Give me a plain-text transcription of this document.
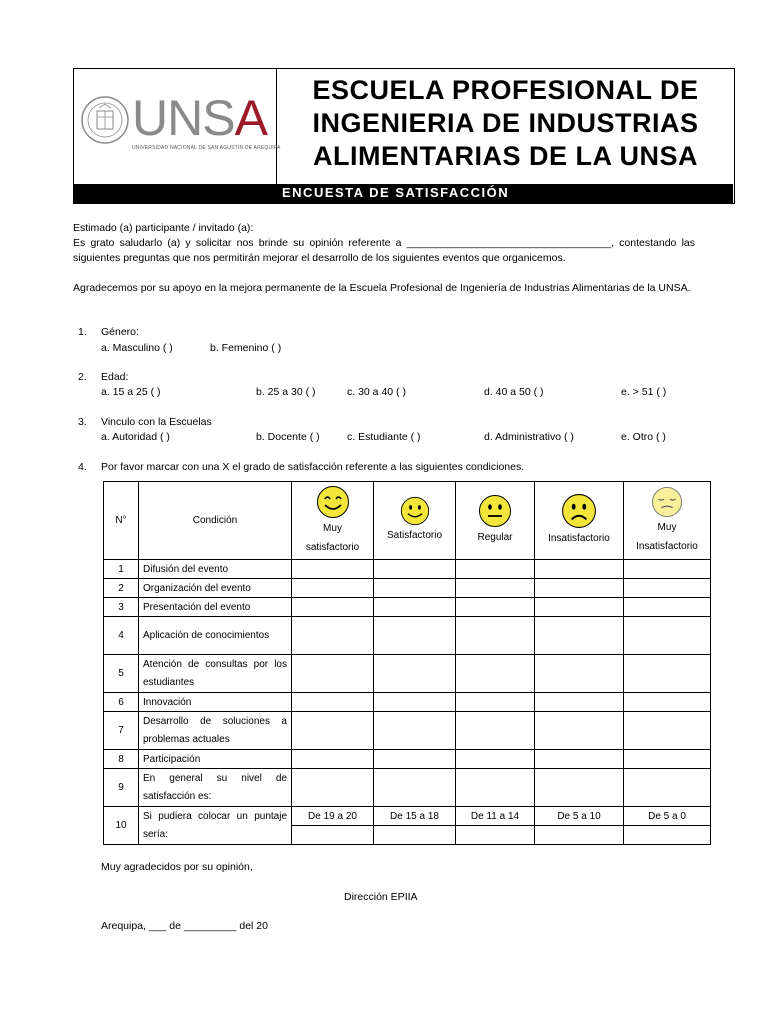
UNSA
UNIVERSIDAD NACIONAL DE SAN AGUSTÍN DE AREQUIPA
ESCUELA PROFESIONAL DE
INGENIERIA DE INDUSTRIAS
ALIMENTARIAS DE LA UNSA
ENCUESTA DE SATISFACCIÓN
Estimado (a) participante / invitado (a):
Es grato saludarlo (a) y solicitar nos brinde su opinión referente a ___________________________________, contestando las siguientes preguntas que nos permitirán mejorar el desarrollo de los siguientes eventos que organicemos.
Agradecemos por su apoyo en la mejora permanente de la Escuela Profesional de Ingeniería de Industrias Alimentarias de la UNSA.
1. Género:
a. Masculino ( )	b. Femenino ( )
2. Edad:
a. 15 a 25 ( )	b. 25 a 30 ( )	c. 30 a 40 ( )	d. 40 a 50 ( )	e. > 51 ( )
3. Vinculo con la Escuelas
a. Autoridad ( )	b. Docente ( )	c. Estudiante ( )	d. Administrativo ( )	e. Otro ( )
4. Por favor marcar con una X el grado de satisfacción referente a las siguientes condiciones.
N°	Condición	Muy satisfactorio	Satisfactorio	Regular	Insatisfactorio	Muy Insatisfactorio
1	Difusión del evento					
2	Organización del evento					
3	Presentación del evento					
4	Aplicación de conocimientos					
5	Atención de consultas por los estudiantes					
6	Innovación					
7	Desarrollo de soluciones a problemas actuales					
8	Participación					
9	En general su nivel de satisfacción es:					
10	Si pudiera colocar un puntaje sería:	De 19 a 20	De 15 a 18	De 11 a 14	De 5 a 10	De 5 a 0

Muy agradecidos por su opinión,
Dirección EPIIA
Arequipa, ___ de _________ del 20
